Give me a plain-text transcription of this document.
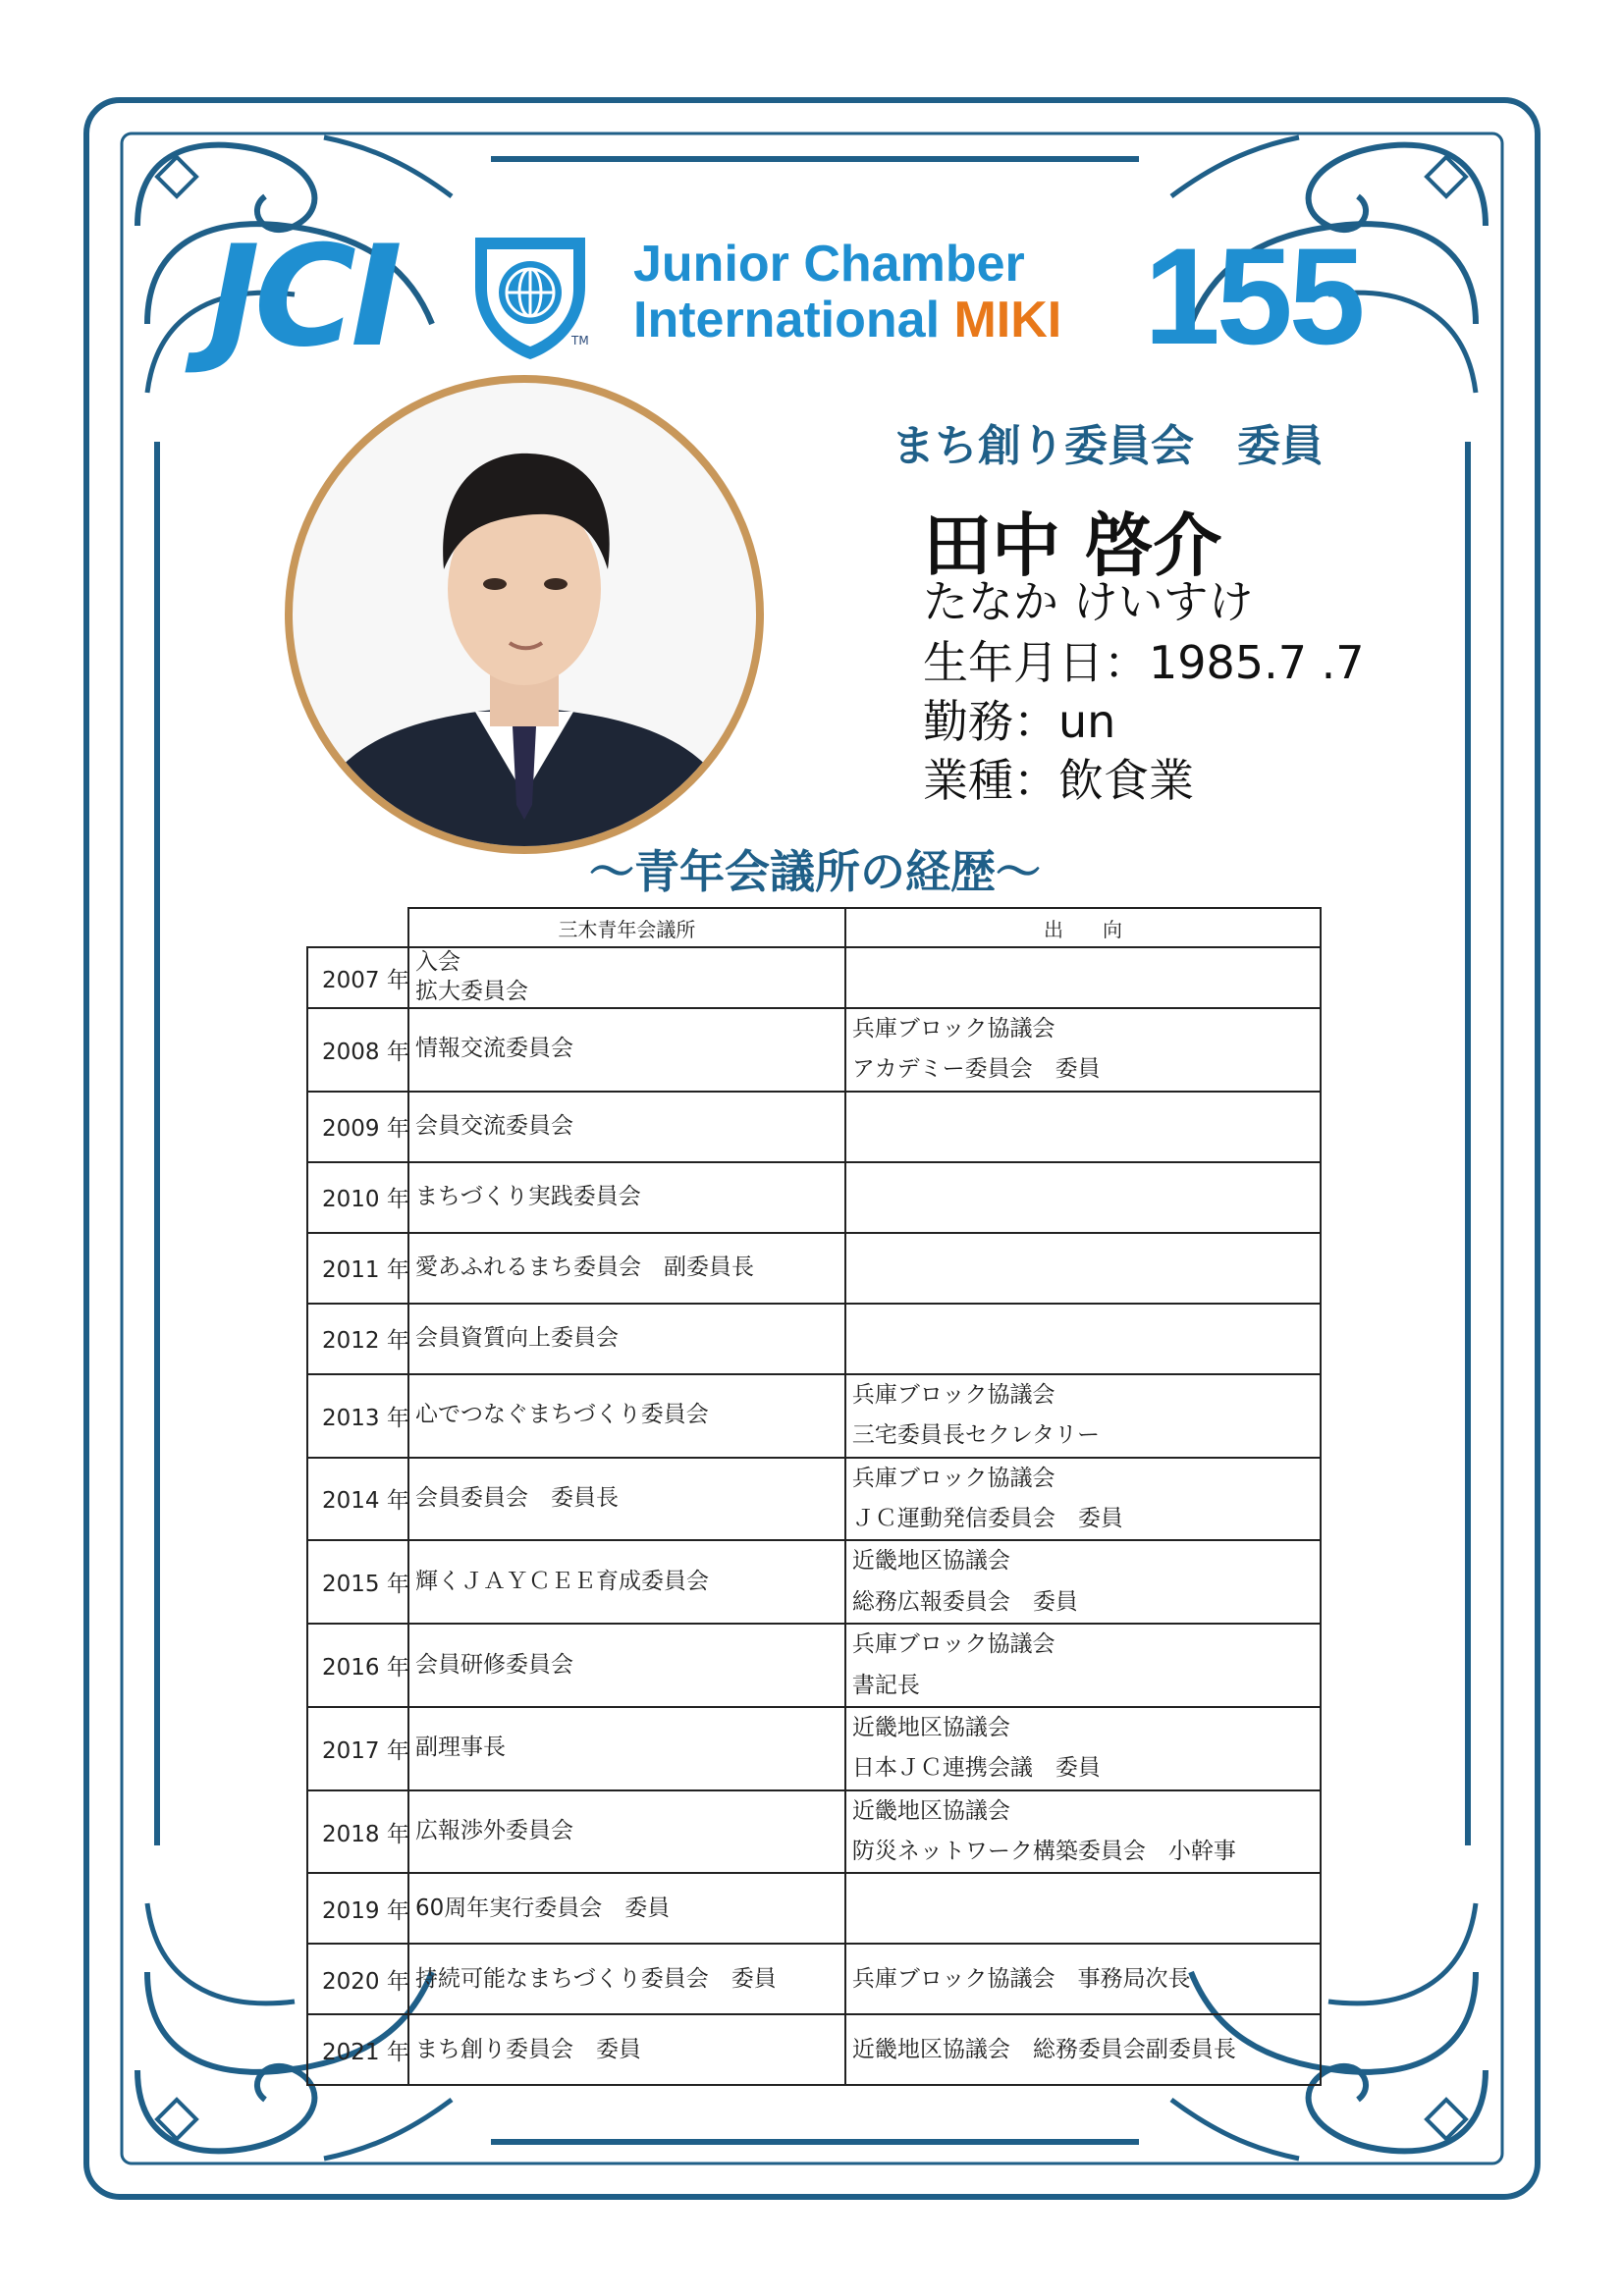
JCI	TM
Junior Chamber
International MIKI 155
まち創り委員会　委員
田中 啓介
たなか けいすけ
生年月日：1985.7 .7
勤務：un
業種：飲食業
〜青年会議所の経歴〜
	三木青年会議所	出　　向
2007 年	入会
拡大委員会	
2008 年	情報交流委員会	兵庫ブロック協議会
アカデミー委員会　委員
2009 年	会員交流委員会	
2010 年	まちづくり実践委員会	
2011 年	愛あふれるまち委員会　副委員長	
2012 年	会員資質向上委員会	
2013 年	心でつなぐまちづくり委員会	兵庫ブロック協議会
三宅委員長セクレタリー
2014 年	会員委員会　委員長	兵庫ブロック協議会
ＪＣ運動発信委員会　委員
2015 年	輝くＪＡＹＣＥＥ育成委員会	近畿地区協議会
総務広報委員会　委員
2016 年	会員研修委員会	兵庫ブロック協議会
書記長
2017 年	副理事長	近畿地区協議会
日本ＪＣ連携会議　委員
2018 年	広報渉外委員会	近畿地区協議会
防災ネットワーク構築委員会　小幹事
2019 年	60周年実行委員会　委員	
2020 年	持続可能なまちづくり委員会　委員	兵庫ブロック協議会　事務局次長
2021 年	まち創り委員会　委員	近畿地区協議会　総務委員会副委員長
